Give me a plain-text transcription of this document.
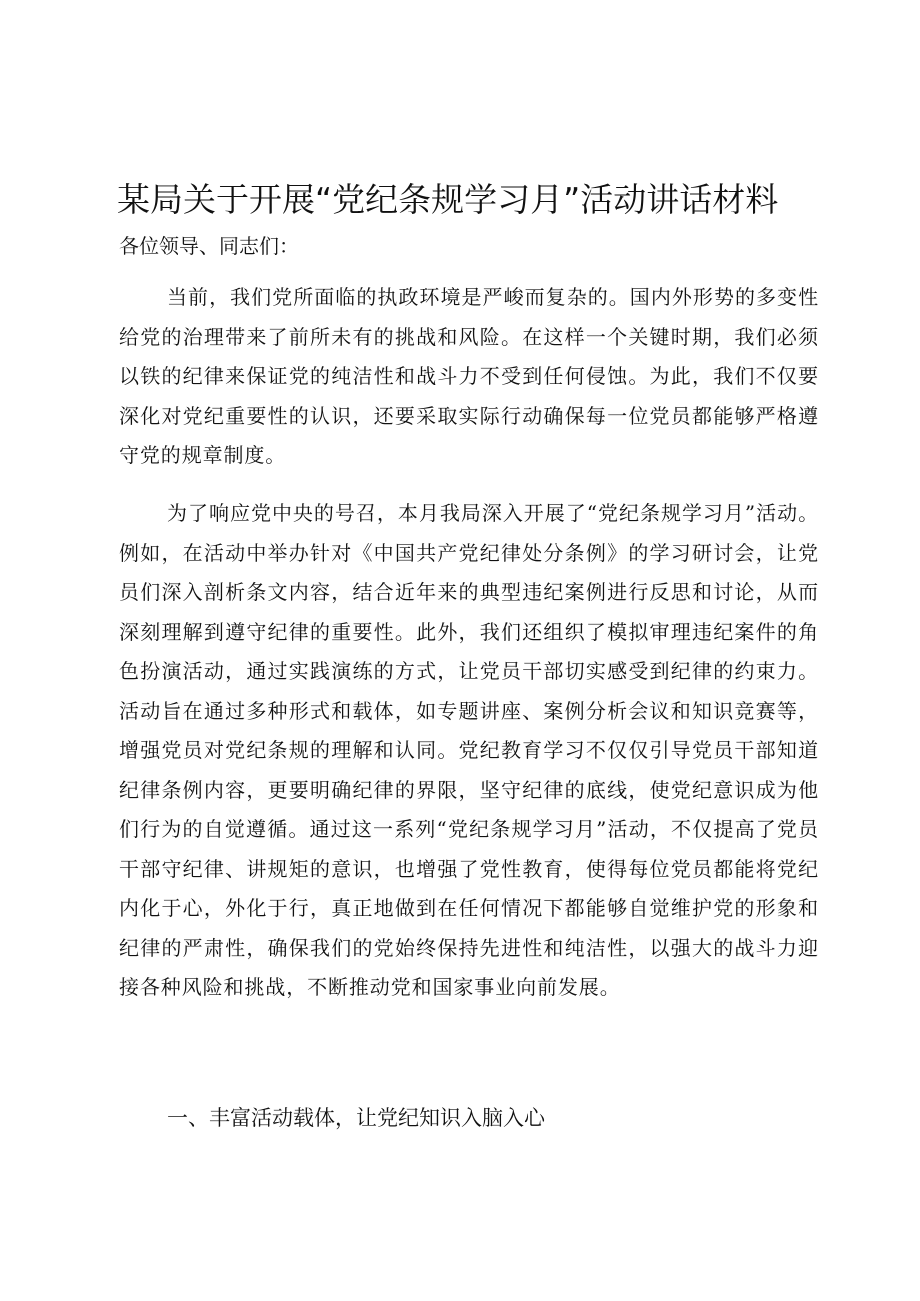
某局关于开展“党纪条规学习月”活动讲话材料

各位领导、同志们：

当前，我们党所面临的执政环境是严峻而复杂的。国内外形势的多变性给党的治理带来了前所未有的挑战和风险。在这样一个关键时期，我们必须以铁的纪律来保证党的纯洁性和战斗力不受到任何侵蚀。为此，我们不仅要深化对党纪重要性的认识，还要采取实际行动确保每一位党员都能够严格遵守党的规章制度。

为了响应党中央的号召，本月我局深入开展了“党纪条规学习月”活动。例如，在活动中举办针对《中国共产党纪律处分条例》的学习研讨会，让党员们深入剖析条文内容，结合近年来的典型违纪案例进行反思和讨论，从而深刻理解到遵守纪律的重要性。此外，我们还组织了模拟审理违纪案件的角色扮演活动，通过实践演练的方式，让党员干部切实感受到纪律的约束力。活动旨在通过多种形式和载体，如专题讲座、案例分析会议和知识竞赛等，增强党员对党纪条规的理解和认同。党纪教育学习不仅仅引导党员干部知道纪律条例内容，更要明确纪律的界限，坚守纪律的底线，使党纪意识成为他们行为的自觉遵循。通过这一系列“党纪条规学习月”活动，不仅提高了党员干部守纪律、讲规矩的意识，也增强了党性教育，使得每位党员都能将党纪内化于心，外化于行，真正地做到在任何情况下都能够自觉维护党的形象和纪律的严肃性，确保我们的党始终保持先进性和纯洁性，以强大的战斗力迎接各种风险和挑战，不断推动党和国家事业向前发展。

一、丰富活动载体，让党纪知识入脑入心
